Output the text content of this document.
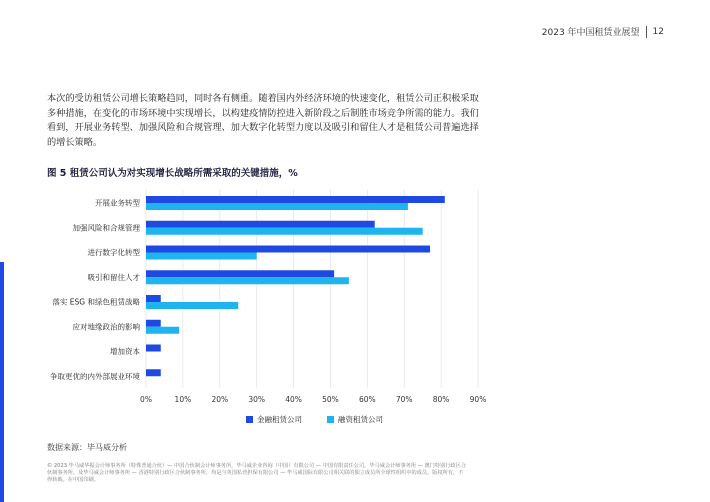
2023 年中国租赁业展望 12

本次的受访租赁公司增长策略趋同，同时各有侧重。随着国内外经济环境的快速变化，租赁公司正积极采取多种措施，在变化的市场环境中实现增长，以构建疫情防控进入新阶段之后制胜市场竞争所需的能力。我们看到，开展业务转型、加强风险和合规管理、加大数字化转型力度以及吸引和留住人才是租赁公司普遍选择的增长策略。

图 5 租赁公司认为对实现增长战略所需采取的关键措施，%
开展业务转型
加强风险和合规管理
进行数字化转型
吸引和留住人才
落实 ESG 和绿色租赁战略
应对地缘政治的影响
增加资本
争取更优的内外部展业环境
0%	10%	20%	30%	40%	50%	60%	70%	80%	90%
金融租赁公司	融资租赁公司
数据来源：毕马威分析

© 2023 毕马威华振会计师事务所（特殊普通合伙）— 中国合伙制会计师事务所，毕马威企业咨询（中国）有限公司 — 中国有限责任公司，毕马威会计师事务所 — 澳门特别行政区合伙制事务所，及毕马威会计师事务所 — 香港特别行政区合伙制事务所，均是与英国私营担保有限公司 — 毕马威国际有限公司相关联的独立成员所全球性组织中的成员。版权所有，不得转载。在中国印刷。
